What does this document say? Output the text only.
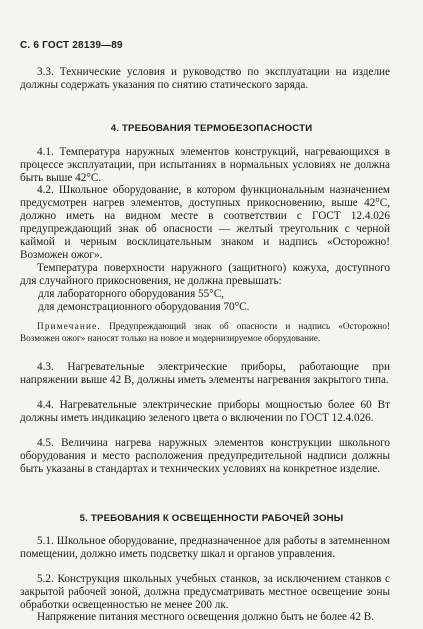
С. 6 ГОСТ 28139—89

3.3. Технические условия и руководство по эксплуатации на изделие должны содержать указания по снятию статического заряда.

4. ТРЕБОВАНИЯ ТЕРМОБЕЗОПАСНОСТИ

4.1. Температура наружных элементов конструкций, нагревающихся в процессе эксплуатации, при испытаниях в нормальных условиях не должна быть выше 42°С.

4.2. Школьное оборудование, в котором функциональным назначением предусмотрен нагрев элементов, доступных прикосновению, выше 42°С, должно иметь на видном месте в соответствии с ГОСТ 12.4.026 предупреждающий знак об опасности — желтый треугольник с черной каймой и черным восклицательным знаком и надпись «Осторожно! Возможен ожог».

Температура поверхности наружного (защитного) кожуха, доступного для случайного прикосновения, не должна превышать:

для лабораторного оборудования 55°С,

для демонстрационного оборудования 70°С.

Примечание. Предупреждающий знак об опасности и надпись «Осторожно! Возможен ожог» наносят только на новое и модернизируемое оборудование.

4.3. Нагревательные электрические приборы, работающие при напряжении выше 42 В, должны иметь элементы нагревания закрытого типа.

4.4. Нагревательные электрические приборы мощностью более 60 Вт должны иметь индикацию зеленого цвета о включении по ГОСТ 12.4.026.

4.5. Величина нагрева наружных элементов конструкции школьного оборудования и место расположения предупредительной надписи должны быть указаны в стандартах и технических условиях на конкретное изделие.

5. ТРЕБОВАНИЯ К ОСВЕЩЕННОСТИ РАБОЧЕЙ ЗОНЫ

5.1. Школьное оборудование, предназначенное для работы в затемненном помещении, должно иметь подсветку шкал и органов управления.

5.2. Конструкция школьных учебных станков, за исключением станков с закрытой рабочей зоной, должна предусматривать местное освещение зоны обработки освещенностью не менее 200 лк.

Напряжение питания местного освещения должно быть не более 42 В.
